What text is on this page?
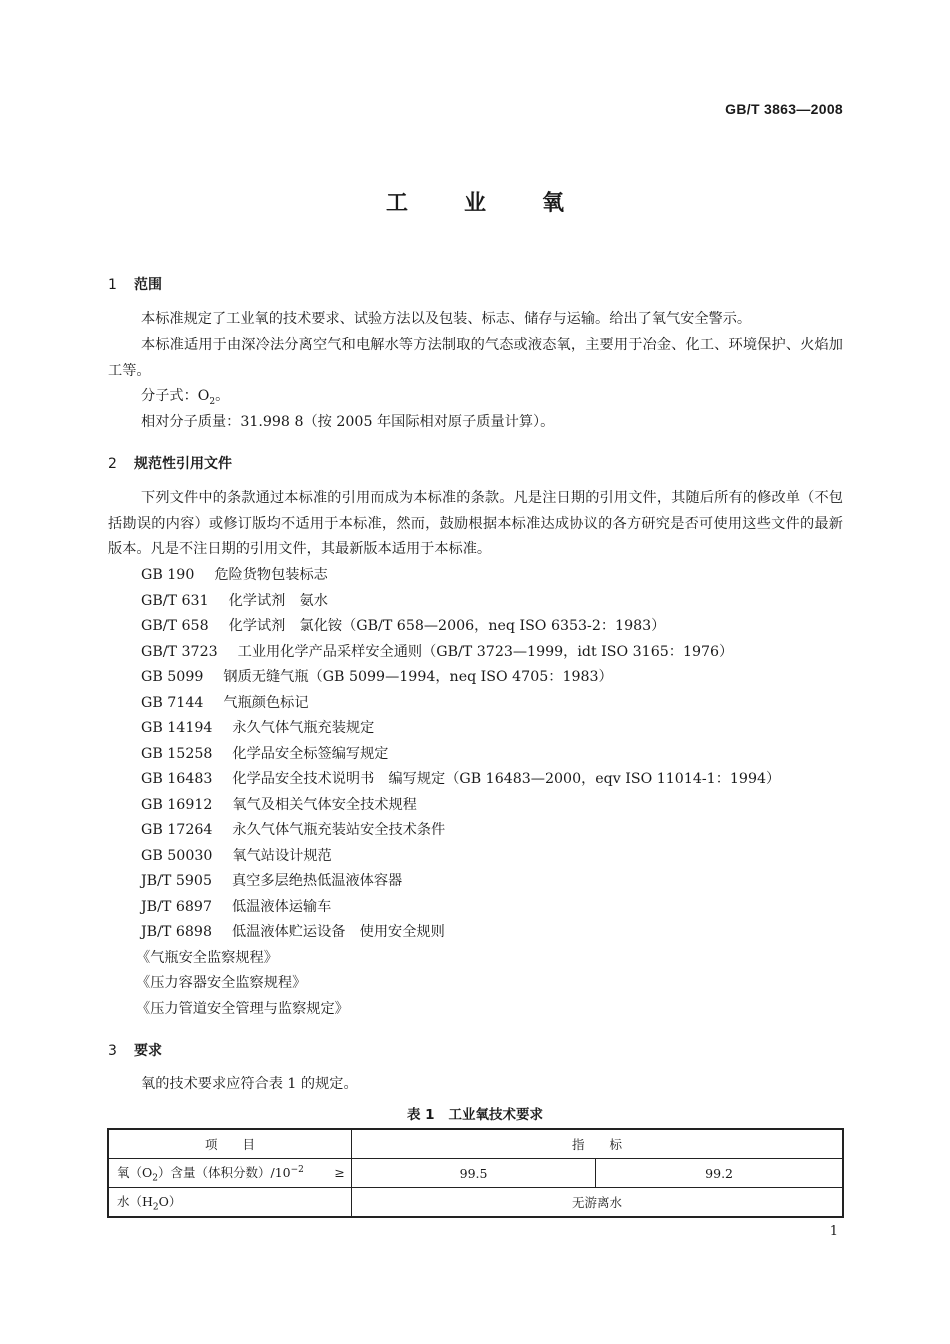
GB/T 3863—2008
工	业	氧
1 范围
本标准规定了工业氧的技术要求、试验方法以及包装、标志、储存与运输。给出了氧气安全警示。
本标准适用于由深冷法分离空气和电解水等方法制取的气态或液态氧，主要用于冶金、化工、环境保护、火焰加工等。
分子式：$O_2$。
相对分子质量：31.998 8（按 2005 年国际相对原子质量计算）。
2 规范性引用文件
下列文件中的条款通过本标准的引用而成为本标准的条款。凡是注日期的引用文件，其随后所有的修改单（不包括勘误的内容）或修订版均不适用于本标准，然而，鼓励根据本标准达成协议的各方研究是否可使用这些文件的最新版本。凡是不注日期的引用文件，其最新版本适用于本标准。
GB 190 危险货物包装标志
GB/T 631 化学试剂　氨水
GB/T 658 化学试剂　氯化铵（GB/T 658—2006，neq ISO 6353-2：1983）
GB/T 3723 工业用化学产品采样安全通则（GB/T 3723—1999，idt ISO 3165：1976）
GB 5099 钢质无缝气瓶（GB 5099—1994，neq ISO 4705：1983）
GB 7144 气瓶颜色标记
GB 14194 永久气体气瓶充装规定
GB 15258 化学品安全标签编写规定
GB 16483 化学品安全技术说明书　编写规定（GB 16483—2000，eqv ISO 11014-1：1994）
GB 16912 氧气及相关气体安全技术规程
GB 17264 永久气体气瓶充装站安全技术条件
GB 50030 氧气站设计规范
JB/T 5905 真空多层绝热低温液体容器
JB/T 6897 低温液体运输车
JB/T 6898 低温液体贮运设备　使用安全规则
《气瓶安全监察规程》
《压力容器安全监察规程》
《压力管道安全管理与监察规定》
3 要求
氧的技术要求应符合表 1 的规定。
表 1 工业氧技术要求
项　　目	指　　标	
氧$(O_2)$含量（体积分数）$/10^{-2}$ ≥	99.5	99.2
水$(H_2O)$	无游离水	
1
